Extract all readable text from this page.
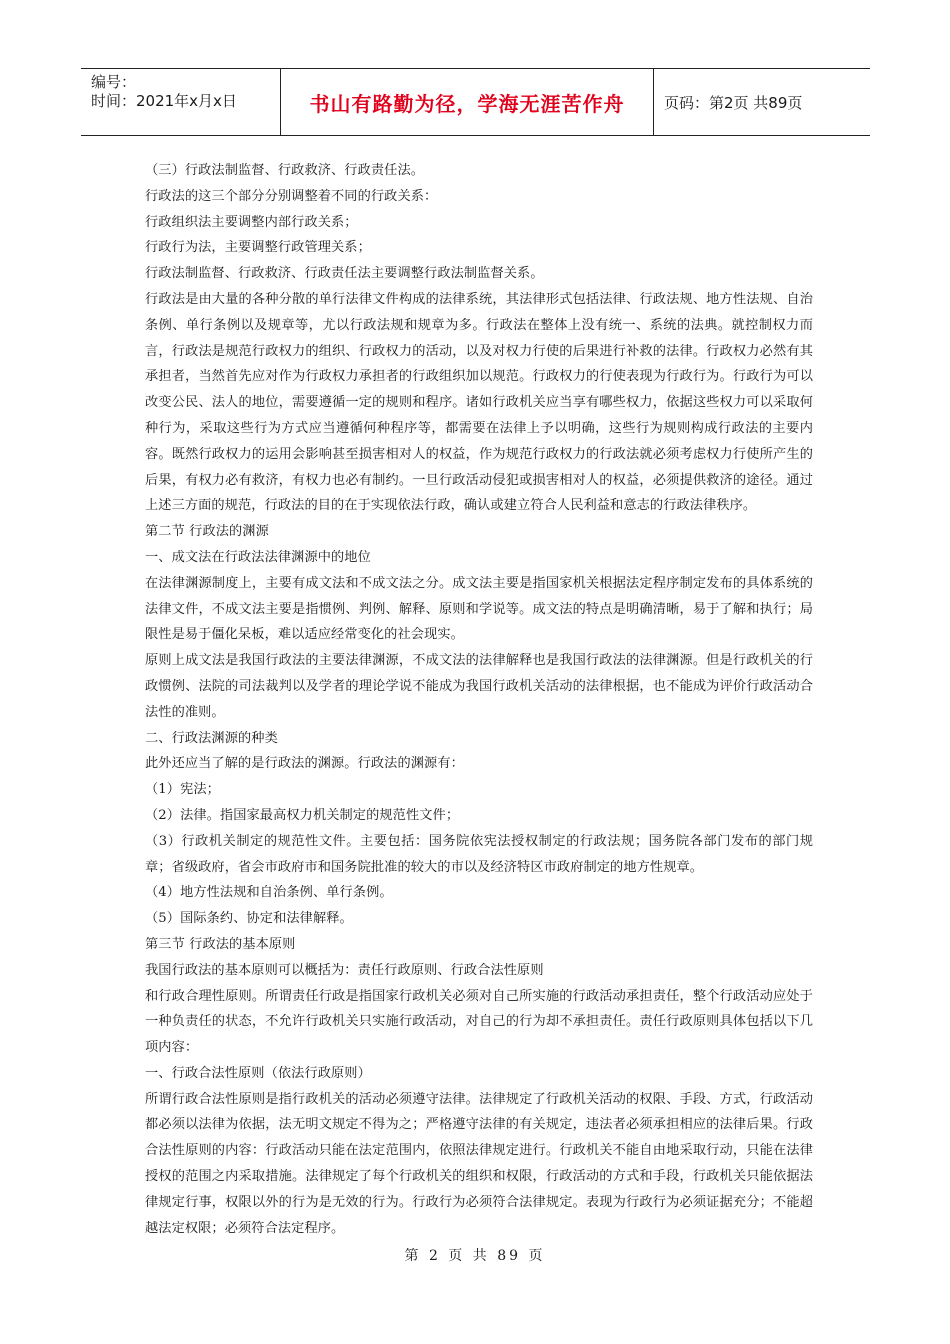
编号：
时间：2021年x月x日	书山有路勤为径，学海无涯苦作舟	页码：第2页 共89页

（三）行政法制监督、行政救济、行政责任法。

行政法的这三个部分分别调整着不同的行政关系：

行政组织法主要调整内部行政关系；

行政行为法，主要调整行政管理关系；

行政法制监督、行政救济、行政责任法主要调整行政法制监督关系。

行政法是由大量的各种分散的单行法律文件构成的法律系统，其法律形式包括法律、行政法规、地方性法规、自治条例、单行条例以及规章等，尤以行政法规和规章为多。行政法在整体上没有统一、系统的法典。就控制权力而言，行政法是规范行政权力的组织、行政权力的活动，以及对权力行使的后果进行补救的法律。行政权力必然有其承担者，当然首先应对作为行政权力承担者的行政组织加以规范。行政权力的行使表现为行政行为。行政行为可以改变公民、法人的地位，需要遵循一定的规则和程序。诸如行政机关应当享有哪些权力，依据这些权力可以采取何种行为，采取这些行为方式应当遵循何种程序等，都需要在法律上予以明确，这些行为规则构成行政法的主要内容。既然行政权力的运用会影响甚至损害相对人的权益，作为规范行政权力的行政法就必须考虑权力行使所产生的后果，有权力必有救济，有权力也必有制约。一旦行政活动侵犯或损害相对人的权益，必须提供救济的途径。通过上述三方面的规范，行政法的目的在于实现依法行政，确认或建立符合人民利益和意志的行政法律秩序。

第二节 行政法的渊源

一、成文法在行政法法律渊源中的地位

在法律渊源制度上，主要有成文法和不成文法之分。成文法主要是指国家机关根据法定程序制定发布的具体系统的法律文件，不成文法主要是指惯例、判例、解释、原则和学说等。成文法的特点是明确清晰，易于了解和执行；局限性是易于僵化呆板，难以适应经常变化的社会现实。

原则上成文法是我国行政法的主要法律渊源，不成文法的法律解释也是我国行政法的法律渊源。但是行政机关的行政惯例、法院的司法裁判以及学者的理论学说不能成为我国行政机关活动的法律根据，也不能成为评价行政活动合法性的准则。

二、行政法渊源的种类

此外还应当了解的是行政法的渊源。行政法的渊源有：

（1）宪法；

（2）法律。指国家最高权力机关制定的规范性文件；

（3）行政机关制定的规范性文件。主要包括：国务院依宪法授权制定的行政法规；国务院各部门发布的部门规章；省级政府，省会市政府市和国务院批准的较大的市以及经济特区市政府制定的地方性规章。

（4）地方性法规和自治条例、单行条例。

（5）国际条约、协定和法律解释。

第三节 行政法的基本原则

我国行政法的基本原则可以概括为：责任行政原则、行政合法性原则

和行政合理性原则。所谓责任行政是指国家行政机关必须对自己所实施的行政活动承担责任，整个行政活动应处于一种负责任的状态，不允许行政机关只实施行政活动，对自己的行为却不承担责任。责任行政原则具体包括以下几项内容：

一、行政合法性原则（依法行政原则）

所谓行政合法性原则是指行政机关的活动必须遵守法律。法律规定了行政机关活动的权限、手段、方式，行政活动都必须以法律为依据，法无明文规定不得为之；严格遵守法律的有关规定，违法者必须承担相应的法律后果。行政合法性原则的内容：行政活动只能在法定范围内，依照法律规定进行。行政机关不能自由地采取行动，只能在法律授权的范围之内采取措施。法律规定了每个行政机关的组织和权限，行政活动的方式和手段，行政机关只能依据法律规定行事，权限以外的行为是无效的行为。行政行为必须符合法律规定。表现为行政行为必须证据充分；不能超越法定权限；必须符合法定程序。

第 2 页 共 89 页
